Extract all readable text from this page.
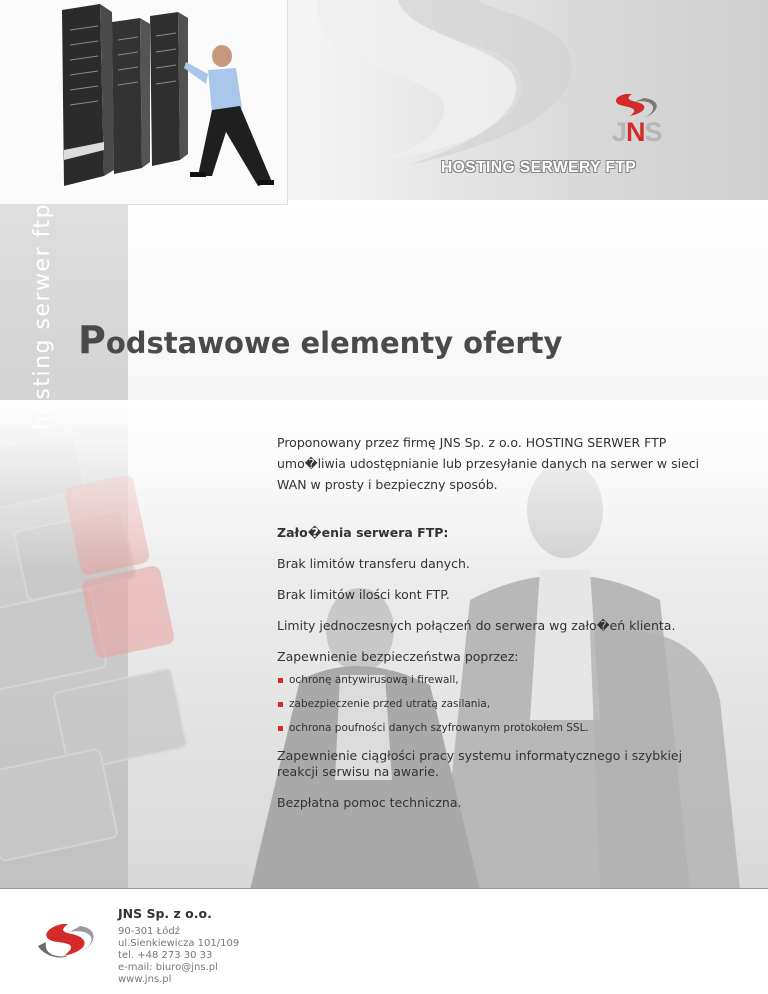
JNS
HOSTING SERWERY FTP
hosting serwer ftp Podstawowe elementy oferty

Proponowany przez firmę JNS Sp. z o.o. HOSTING SERWER FTP umo�liwia udostępnianie lub przesyłanie danych na serwer w sieci WAN w prosty i bezpieczny sposób.

Zało�enia serwera FTP:

Brak limitów transferu danych.

Brak limitów ilości kont FTP.

Limity jednoczesnych połączeń do serwera wg zało�eń klienta.

Zapewnienie bezpieczeństwa poprzez:

ochronę antywirusową i firewall,
zabezpieczenie przed utratą zasilania,
ochrona poufności danych szyfrowanym protokołem SSL.

Zapewnienie ciągłości pracy systemu informatycznego i szybkiej reakcji serwisu na awarie.

Bezpłatna pomoc techniczna.

JNS Sp. z o.o.
90-301 Łódź
ul.Sienkiewicza 101/109
tel. +48 273 30 33
e-mail: biuro@jns.pl
www.jns.pl
